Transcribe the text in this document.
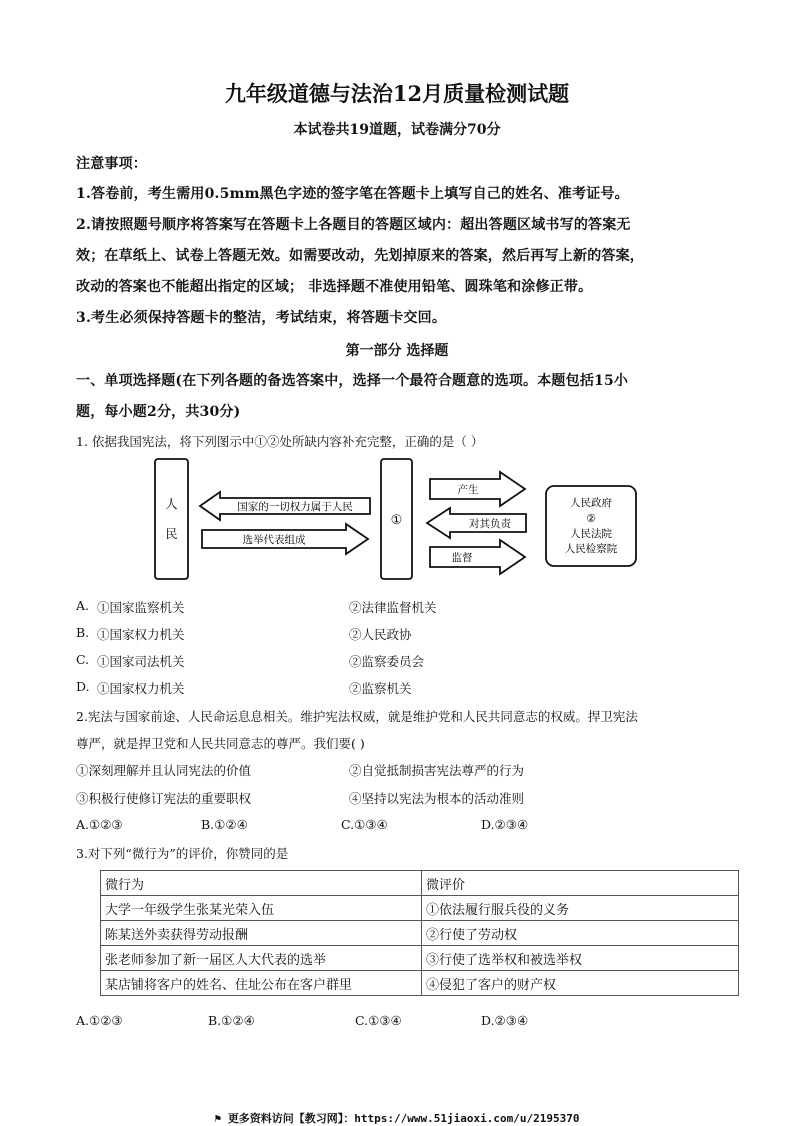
九年级道德与法治12月质量检测试题
本试卷共19道题，试卷满分70分
注意事项：
1.答卷前，考生需用0.5mm黑色字迹的签字笔在答题卡上填写自己的姓名、准考证号。
2.请按照题号顺序将答案写在答题卡上各题目的答题区域内：超出答题区域书写的答案无
效；在草纸上、试卷上答题无效。如需要改动，先划掉原来的答案，然后再写上新的答案，
改动的答案也不能超出指定的区域； 非选择题不准使用铅笔、圆珠笔和涂修正带。
3.考生必须保持答题卡的整洁，考试结束，将答题卡交回。
第一部分 选择题
一、单项选择题(在下列各题的备选答案中，选择一个最符合题意的选项。本题包括15小
题，每小题2分，共30分)
1. 依据我国宪法，将下列图示中①②处所缺内容补充完整，正确的是（ ）
人
民
国家的一切权力属于人民
选举代表组成
①
产生
对其负责
监督
人民政府
②
人民法院
人民检察院
A. ①国家监察机关	②法律监督机关
B. ①国家权力机关	②人民政协
C. ①国家司法机关	②监察委员会
D. ①国家权力机关	②监察机关
2.宪法与国家前途、人民命运息息相关。维护宪法权威，就是维护党和人民共同意志的权威。捍卫宪法
尊严，就是捍卫党和人民共同意志的尊严。我们要( )
①深刻理解并且认同宪法的价值	②自觉抵制损害宪法尊严的行为
③积极行使修订宪法的重要职权	④坚持以宪法为根本的活动准则
A.①②③	B.①②④	C.①③④	D.②③④
3.对下列“微行为”的评价，你赞同的是
微行为	微评价
大学一年级学生张某光荣入伍	①依法履行服兵役的义务
陈某送外卖获得劳动报酬	②行使了劳动权
张老师参加了新一届区人大代表的选举	③行使了选举权和被选举权
某店铺将客户的姓名、住址公布在客户群里	④侵犯了客户的财产权
A.①②③	B.①②④	C.①③④	D.②③④
⚑ 更多资料访问【教习网】：https://www.51jiaoxi.com/u/2195370
